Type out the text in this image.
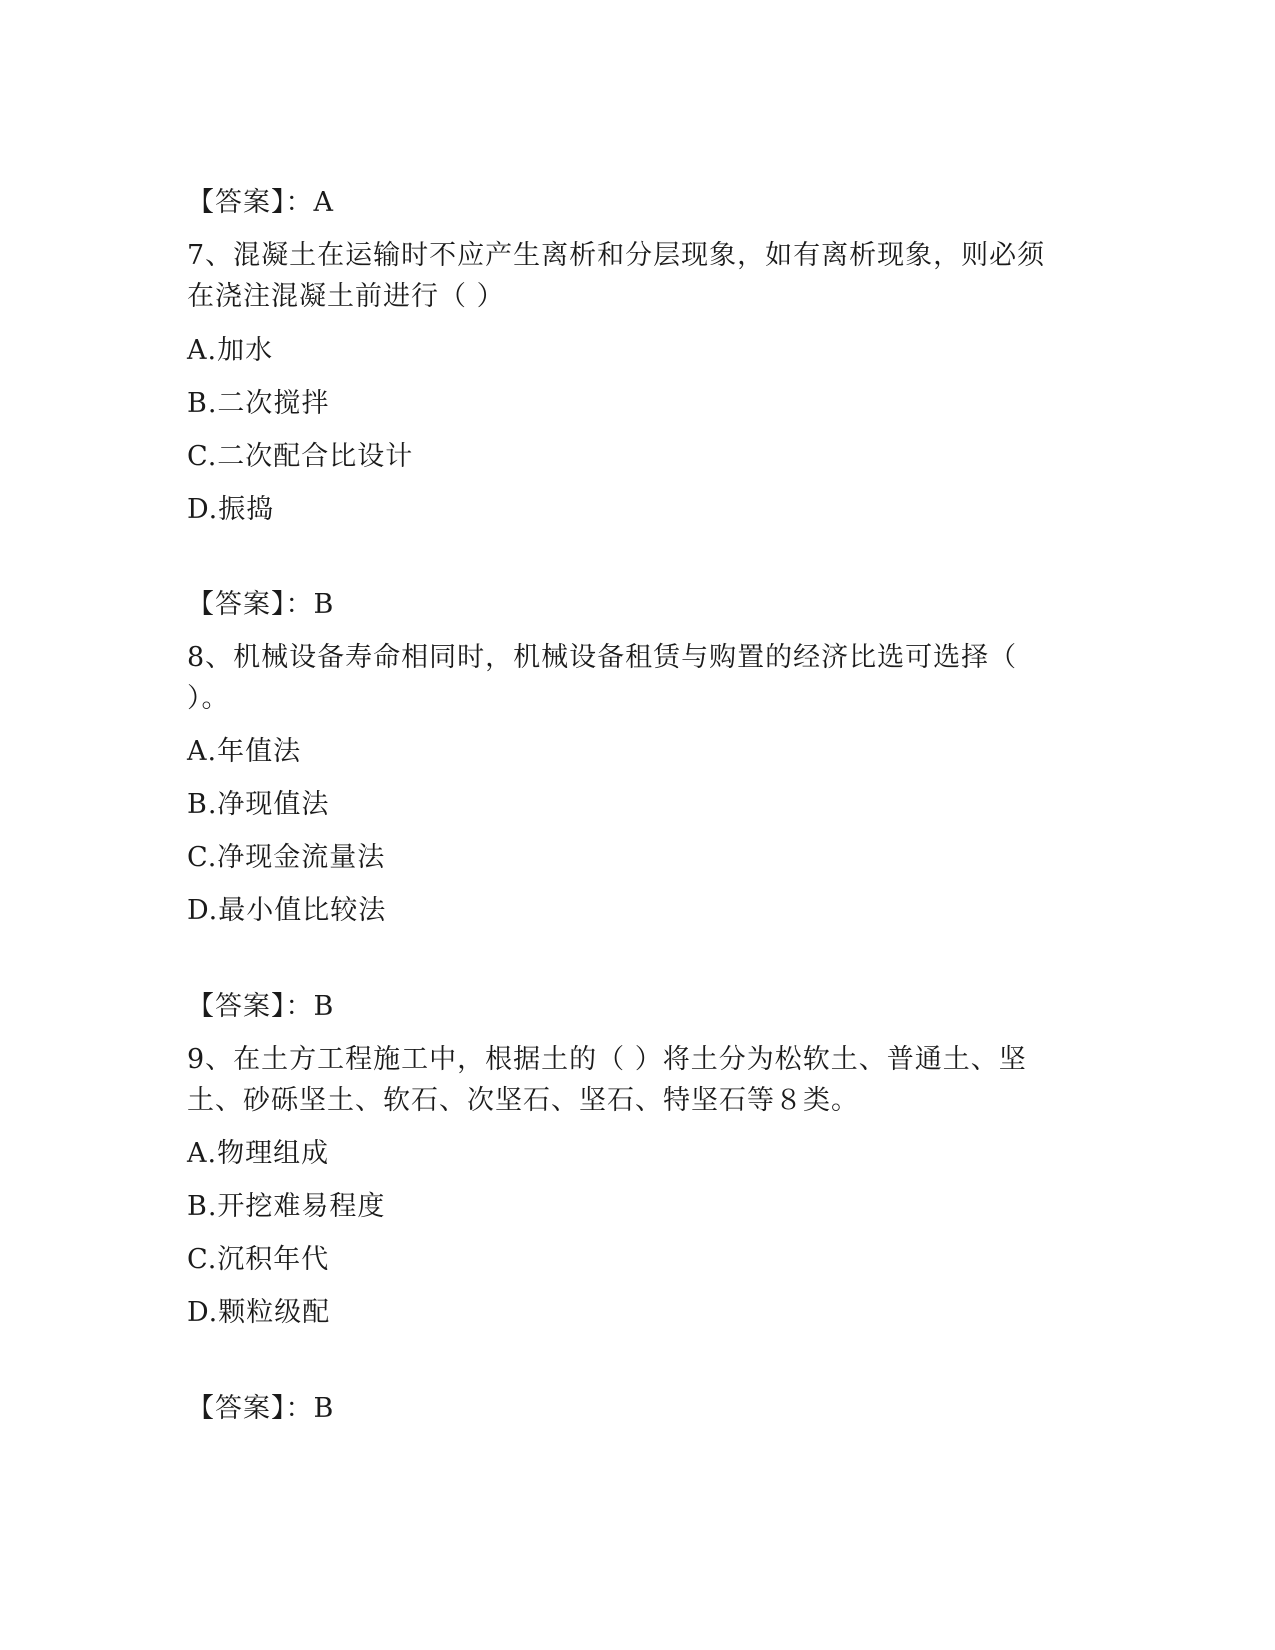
【答案】：A
7、混凝土在运输时不应产生离析和分层现象，如有离析现象，则必须
在浇注混凝土前进行（ ）
A.加水
B.二次搅拌
C.二次配合比设计
D.振捣
【答案】：B
8、机械设备寿命相同时，机械设备租赁与购置的经济比选可选择（
）。
A.年值法
B.净现值法
C.净现金流量法
D.最小值比较法
【答案】：B
9、在土方工程施工中，根据土的（ ）将土分为松软土、普通土、坚
土、砂砾坚土、软石、次坚石、坚石、特坚石等８类。
A.物理组成
B.开挖难易程度
C.沉积年代
D.颗粒级配
【答案】：B
